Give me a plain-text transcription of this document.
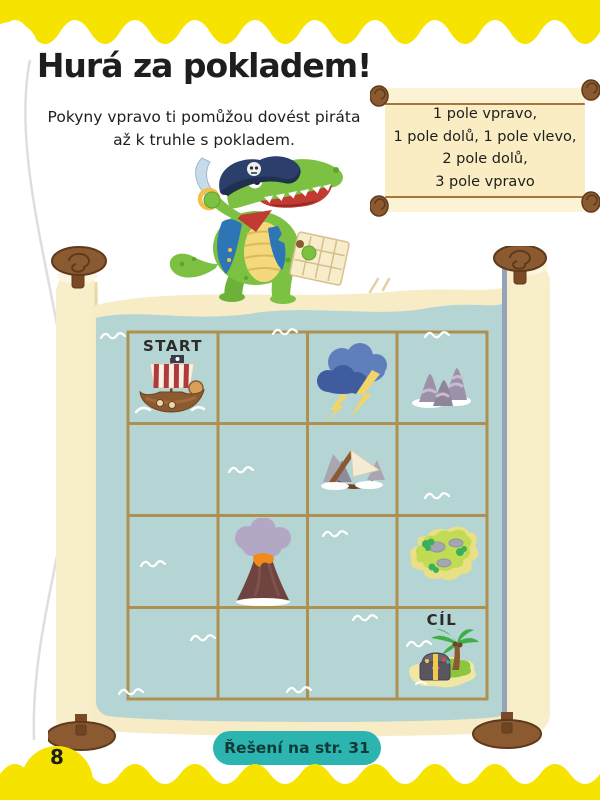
Hurá za pokladem!
Pokyny vpravo ti pomůžou dovést piráta
až k truhle s pokladem.
1 pole vpravo,
1 pole dolů, 1 pole vlevo,
2 pole dolů,
3 pole vpravo
START
CÍL
Řešení na str. 31
8
